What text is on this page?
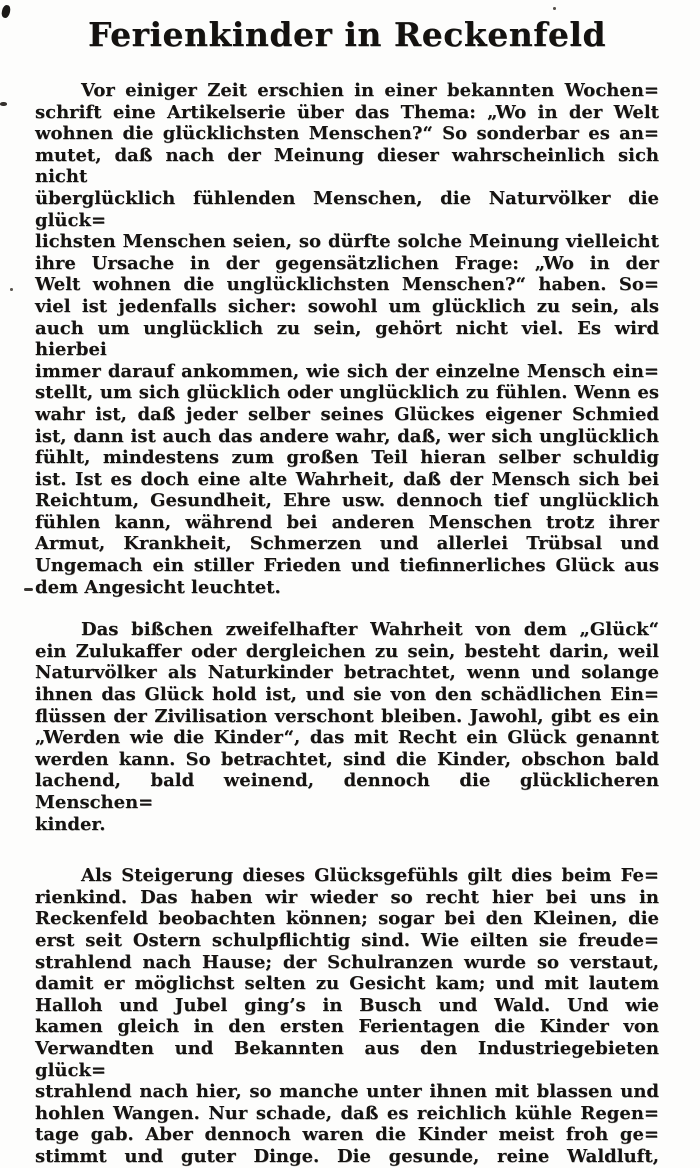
Ferienkinder in Reckenfeld

Vor einiger Zeit erschien in einer bekannten Wochen=
schrift eine Artikelserie über das Thema: „Wo in der Welt
wohnen die glücklichsten Menschen?“ So sonderbar es an=
mutet, daß nach der Meinung dieser wahrscheinlich sich nicht
überglücklich fühlenden Menschen, die Naturvölker die glück=
lichsten Menschen seien, so dürfte solche Meinung vielleicht
ihre Ursache in der gegensätzlichen Frage: „Wo in der
Welt wohnen die unglücklichsten Menschen?“ haben. So=
viel ist jedenfalls sicher: sowohl um glücklich zu sein, als
auch um unglücklich zu sein, gehört nicht viel. Es wird hierbei
immer darauf ankommen, wie sich der einzelne Mensch ein=
stellt, um sich glücklich oder unglücklich zu fühlen. Wenn es
wahr ist, daß jeder selber seines Glückes eigener Schmied
ist, dann ist auch das andere wahr, daß, wer sich unglücklich
fühlt, mindestens zum großen Teil hieran selber schuldig
ist. Ist es doch eine alte Wahrheit, daß der Mensch sich bei
Reichtum, Gesundheit, Ehre usw. dennoch tief unglücklich
fühlen kann, während bei anderen Menschen trotz ihrer
Armut, Krankheit, Schmerzen und allerlei Trübsal und
Ungemach ein stiller Frieden und tiefinnerliches Glück aus
dem Angesicht leuchtet.

Das bißchen zweifelhafter Wahrheit von dem „Glück“
ein Zulukaffer oder dergleichen zu sein, besteht darin, weil
Naturvölker als Naturkinder betrachtet, wenn und solange
ihnen das Glück hold ist, und sie von den schädlichen Ein=
flüssen der Zivilisation verschont bleiben. Jawohl, gibt es ein
„Werden wie die Kinder“, das mit Recht ein Glück genannt
werden kann. So betrachtet, sind die Kinder, obschon bald
lachend, bald weinend, dennoch die glücklicheren Menschen=
kinder.

Als Steigerung dieses Glücksgefühls gilt dies beim Fe=
rienkind. Das haben wir wieder so recht hier bei uns in
Reckenfeld beobachten können; sogar bei den Kleinen, die
erst seit Ostern schulpflichtig sind. Wie eilten sie freude=
strahlend nach Hause; der Schulranzen wurde so verstaut,
damit er möglichst selten zu Gesicht kam; und mit lautem
Halloh und Jubel ging’s in Busch und Wald. Und wie
kamen gleich in den ersten Ferientagen die Kinder von
Verwandten und Bekannten aus den Industriegebieten glück=
strahlend nach hier, so manche unter ihnen mit blassen und
hohlen Wangen. Nur schade, daß es reichlich kühle Regen=
tage gab. Aber dennoch waren die Kinder meist froh ge=
stimmt und guter Dinge. Die gesunde, reine Waldluft,
